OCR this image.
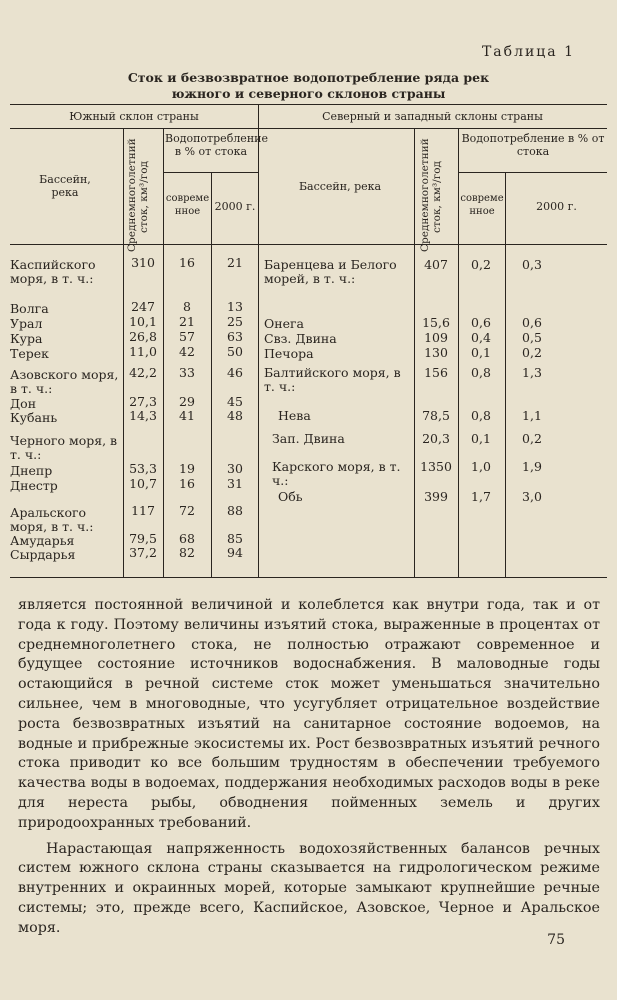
Таблица 1
Сток и безвозвратное водопотребление ряда рек
южного и северного склонов страны
Южный склон страны	Северный и западный склоны страны
Бассейн, река	Бассейн, река
Среднемноголетний сток, км³/год	Среднемноголетний сток, км³/год
Водопотребление в % от стока
Водопотребление в % от стока
современное	2000 г.
современное	2000 г.
Каспийского моря, в т. ч.:
310	16	21
Волга	247	8	13
Урал	10,1	21	25
Кура	26,8	57	63
Терек	11,0	42	50
Азовского моря, в т. ч.:
42,2	33	46
Дон	27,3	29	45
Кубань	14,3	41	48
Черного моря, в т. ч.:
Днепр	53,3	19	30
Днестр	10,7	16	31
Аральского моря, в т. ч.:
117	72	88
Амударья	79,5	68	85
Сырдарья	37,2	82	94
Баренцева и Белого морей, в т. ч.:
407	0,2	0,3
Онега	15,6	0,6	0,6
Свз. Двина	109	0,4	0,5
Печора	130	0,1	0,2
Балтийского моря, в т. ч.:
156	0,8	1,3
Нева	78,5	0,8	1,1
Зап. Двина	20,3	0,1	0,2
Карского моря, в т. ч.:
1350	1,0	1,9
Обь	399	1,7	3,0

является постоянной величиной и колеблется как внутри года, так и от года к году. Поэтому величины изъятий стока, выраженные в процентах от среднемноголетнего стока, не полностью отражают современное и будущее состояние источников водоснабжения. В маловодные годы остающийся в речной системе сток может уменьшаться значительно сильнее, чем в многоводные, что усугубляет отрицательное воздействие роста безвозвратных изъятий на санитарное состояние водоемов, на водные и прибрежные экосистемы их. Рост безвозвратных изъятий речного стока приводит ко все большим трудностям в обеспечении требуемого качества воды в водоемах, поддержания необходимых расходов воды в реке для нереста рыбы, обводнения пойменных земель и других природоохранных требований.

Нарастающая напряженность водохозяйственных балансов речных систем южного склона страны сказывается на гидрологическом режиме внутренних и окраинных морей, которые замыкают крупнейшие речные системы; это, прежде всего, Каспийское, Азовское, Черное и Аральское моря.

75
